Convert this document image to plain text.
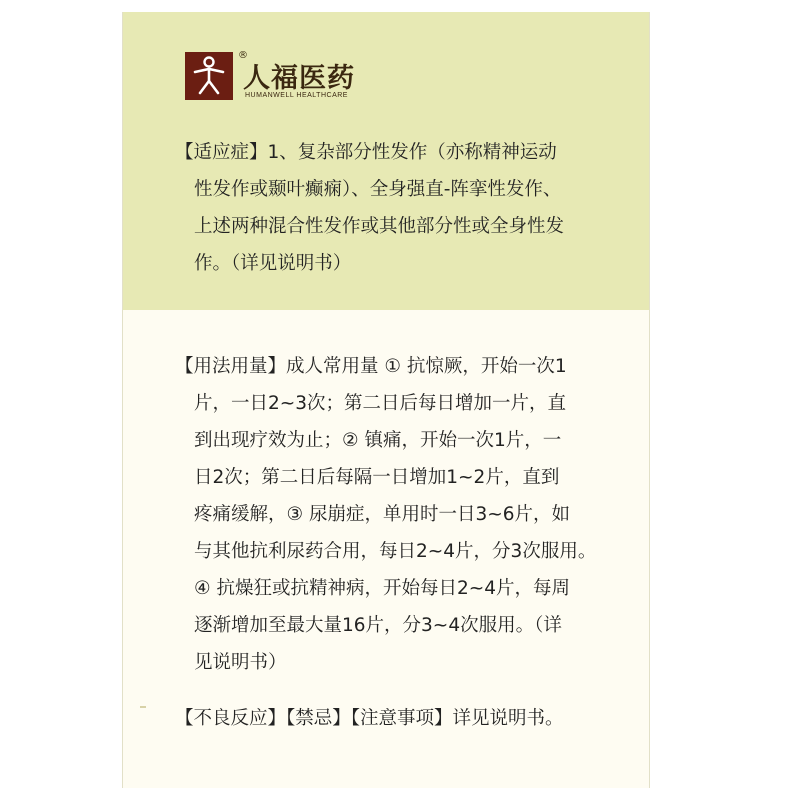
®
人福医药
HUMANWELL HEALTHCARE
【适应症】1、复杂部分性发作（亦称精神运动
性发作或颞叶癫痫）、全身强直-阵挛性发作、
上述两种混合性发作或其他部分性或全身性发
作。（详见说明书）
【用法用量】成人常用量 ① 抗惊厥，开始一次1
片，一日2~3次；第二日后每日增加一片，直
到出现疗效为止；② 镇痛，开始一次1片，一
日2次；第二日后每隔一日增加1~2片，直到
疼痛缓解，③ 尿崩症，单用时一日3~6片，如
与其他抗利尿药合用，每日2~4片，分3次服用。
④ 抗燥狂或抗精神病，开始每日2~4片，每周
逐渐增加至最大量16片，分3~4次服用。（详
见说明书）
【不良反应】【禁忌】【注意事项】详见说明书。
